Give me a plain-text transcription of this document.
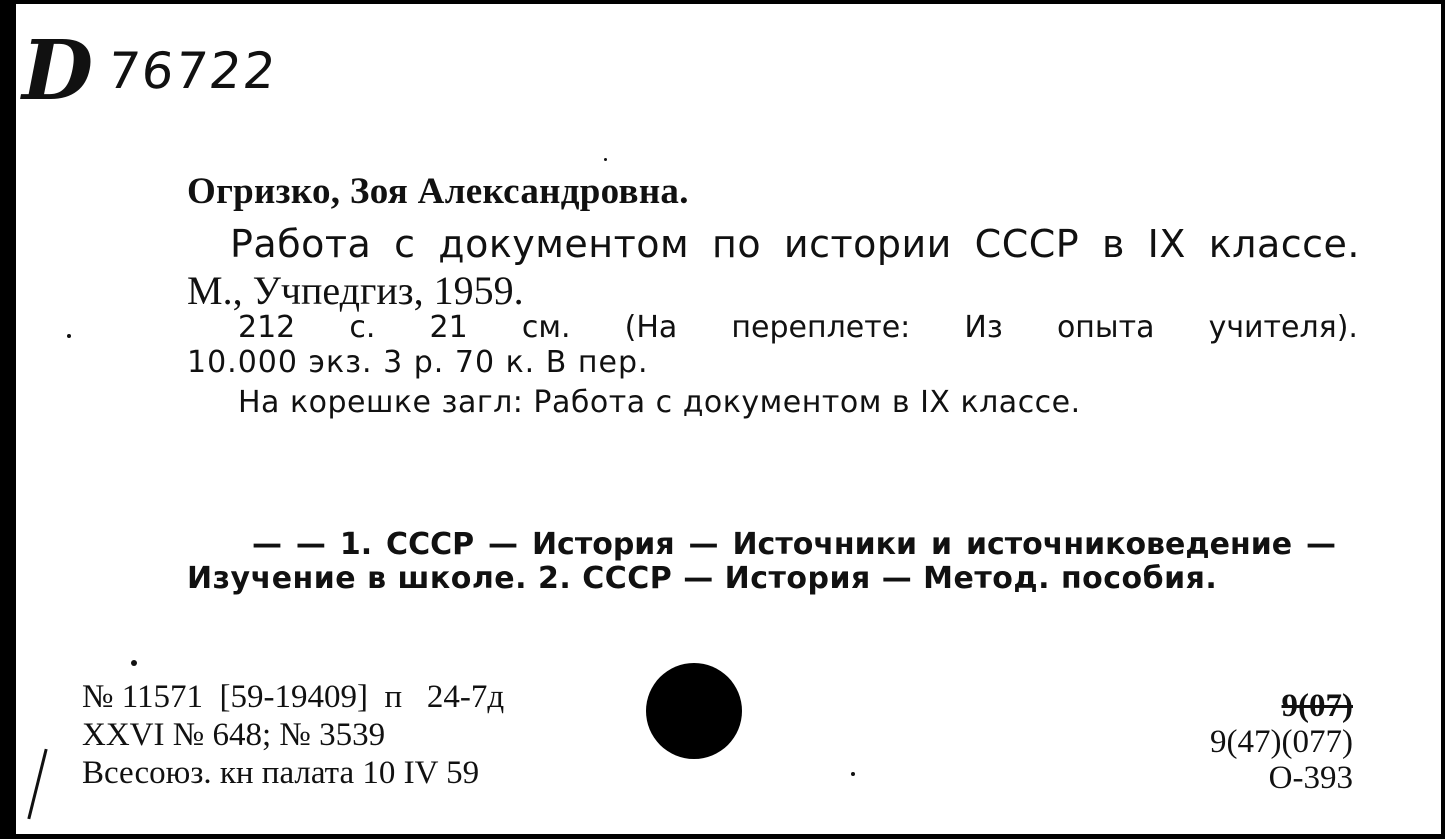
D 76722
Огризко, Зоя Александровна.
Работа с документом по истории СССР в IX классе.
М., Учпедгиз, 1959.
212 с. 21 см. (На переплете: Из опыта учителя).
10.000 экз. 3 р. 70 к. В пер.
На корешке загл: Работа с документом в IX классе.
— — 1. СССР — История — Источники и источниковедение —
Изучение в школе. 2. СССР — История — Метод. пособия.
№ 11571  [59-19409]  п   24-7д
XXVI № 648; № 3539
Всесоюз. кн палата 10 IV 59
9(07)
9(47)(077)
О-393
